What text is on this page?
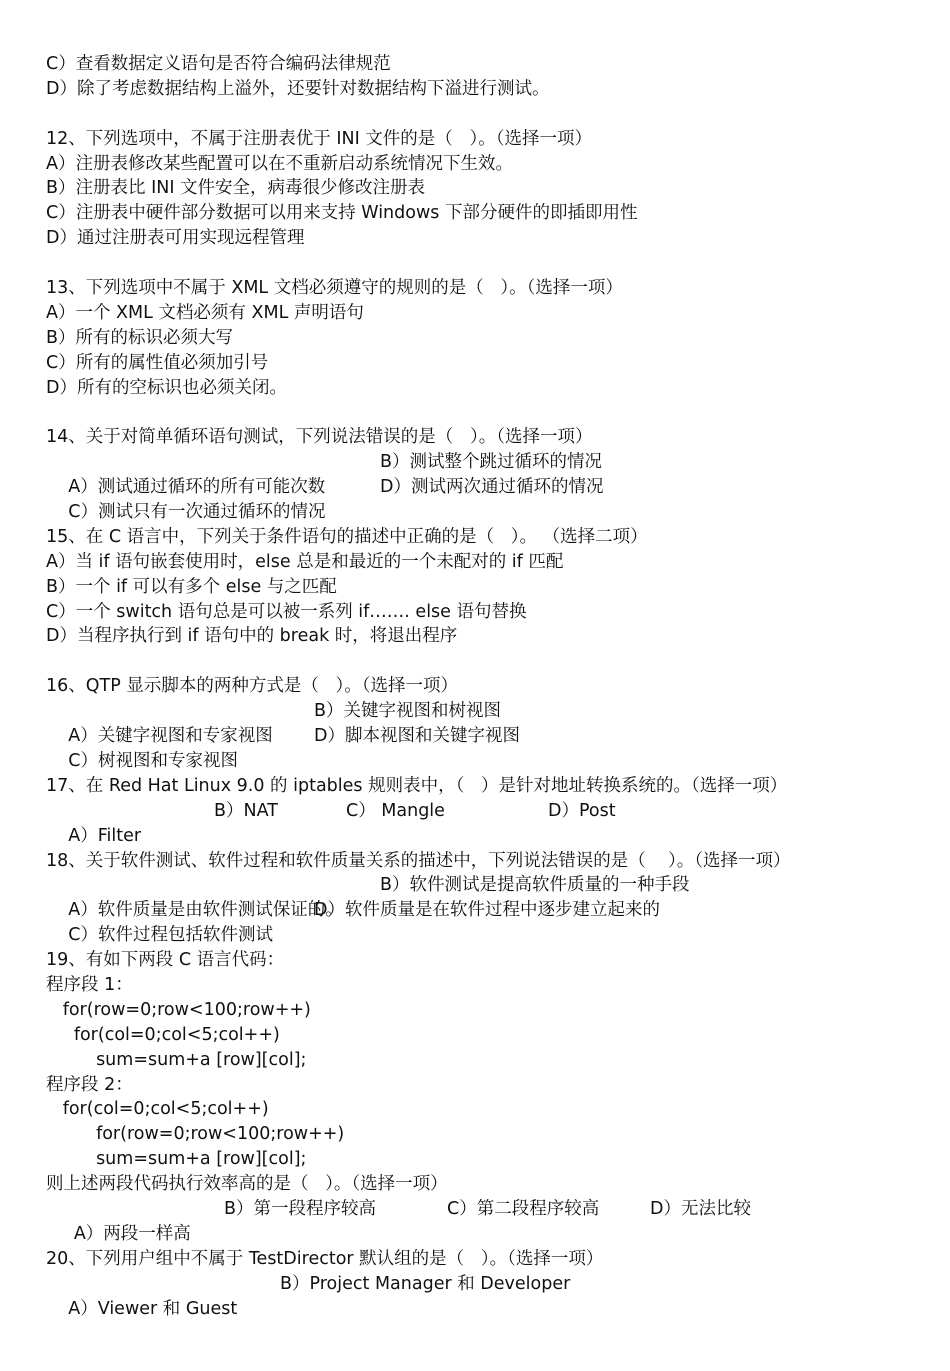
C）查看数据定义语句是否符合编码法律规范
D）除了考虑数据结构上溢外，还要针对数据结构下溢进行测试。
12、下列选项中，不属于注册表优于 INI 文件的是（   ）。（选择一项）
A）注册表修改某些配置可以在不重新启动系统情况下生效。
B）注册表比 INI 文件安全，病毒很少修改注册表
C）注册表中硬件部分数据可以用来支持 Windows 下部分硬件的即插即用性
D）通过注册表可用实现远程管理
13、下列选项中不属于 XML 文档必须遵守的规则的是（   ）。（选择一项）
A）一个 XML 文档必须有 XML 声明语句
B）所有的标识必须大写
C）所有的属性值必须加引号
D）所有的空标识也必须关闭。
14、关于对简单循环语句测试，下列说法错误的是（   ）。（选择一项）

A）测试通过循环的所有可能次数

B）测试整个跳过循环的情况

C）测试只有一次通过循环的情况

D）测试两次通过循环的情况

15、在 C 语言中，下列关于条件语句的描述中正确的是（   ）。 （选择二项）
A）当 if 语句嵌套使用时，else 总是和最近的一个未配对的 if 匹配
B）一个 if 可以有多个 else 与之匹配
C）一个 switch 语句总是可以被一系列 if……. else 语句替换
D）当程序执行到 if 语句中的 break 时，将退出程序
16、QTP 显示脚本的两种方式是（   ）。（选择一项）

A）关键字视图和专家视图

B）关键字视图和树视图

C）树视图和专家视图

D）脚本视图和关键字视图

17、在 Red Hat Linux 9.0 的 iptables 规则表中，（   ）是针对地址转换系统的。（选择一项）

A）Filter

B）NAT

	C） Mangle

	D）Post

18、关于软件测试、软件过程和软件质量关系的描述中，下列说法错误的是（    ）。（选择一项）

A）软件质量是由软件测试保证的。

B）软件测试是提高软件质量的一种手段

C）软件过程包括软件测试

D）软件质量是在软件过程中逐步建立起来的

19、有如下两段 C 语言代码：
程序段 1：
for(row=0;row<100;row++)
for(col=0;col<5;col++)
sum=sum+a [row][col];
程序段 2：
for(col=0;col<5;col++)
for(row=0;row<100;row++)
sum=sum+a [row][col];
则上述两段代码执行效率高的是（   ）。（选择一项）

A）两段一样高

B）第一段程序较高

	C）第二段程序较高

	D）无法比较

20、下列用户组中不属于 TestDirector 默认组的是（   ）。（选择一项）

A）Viewer 和 Guest

B）Project Manager 和 Developer
